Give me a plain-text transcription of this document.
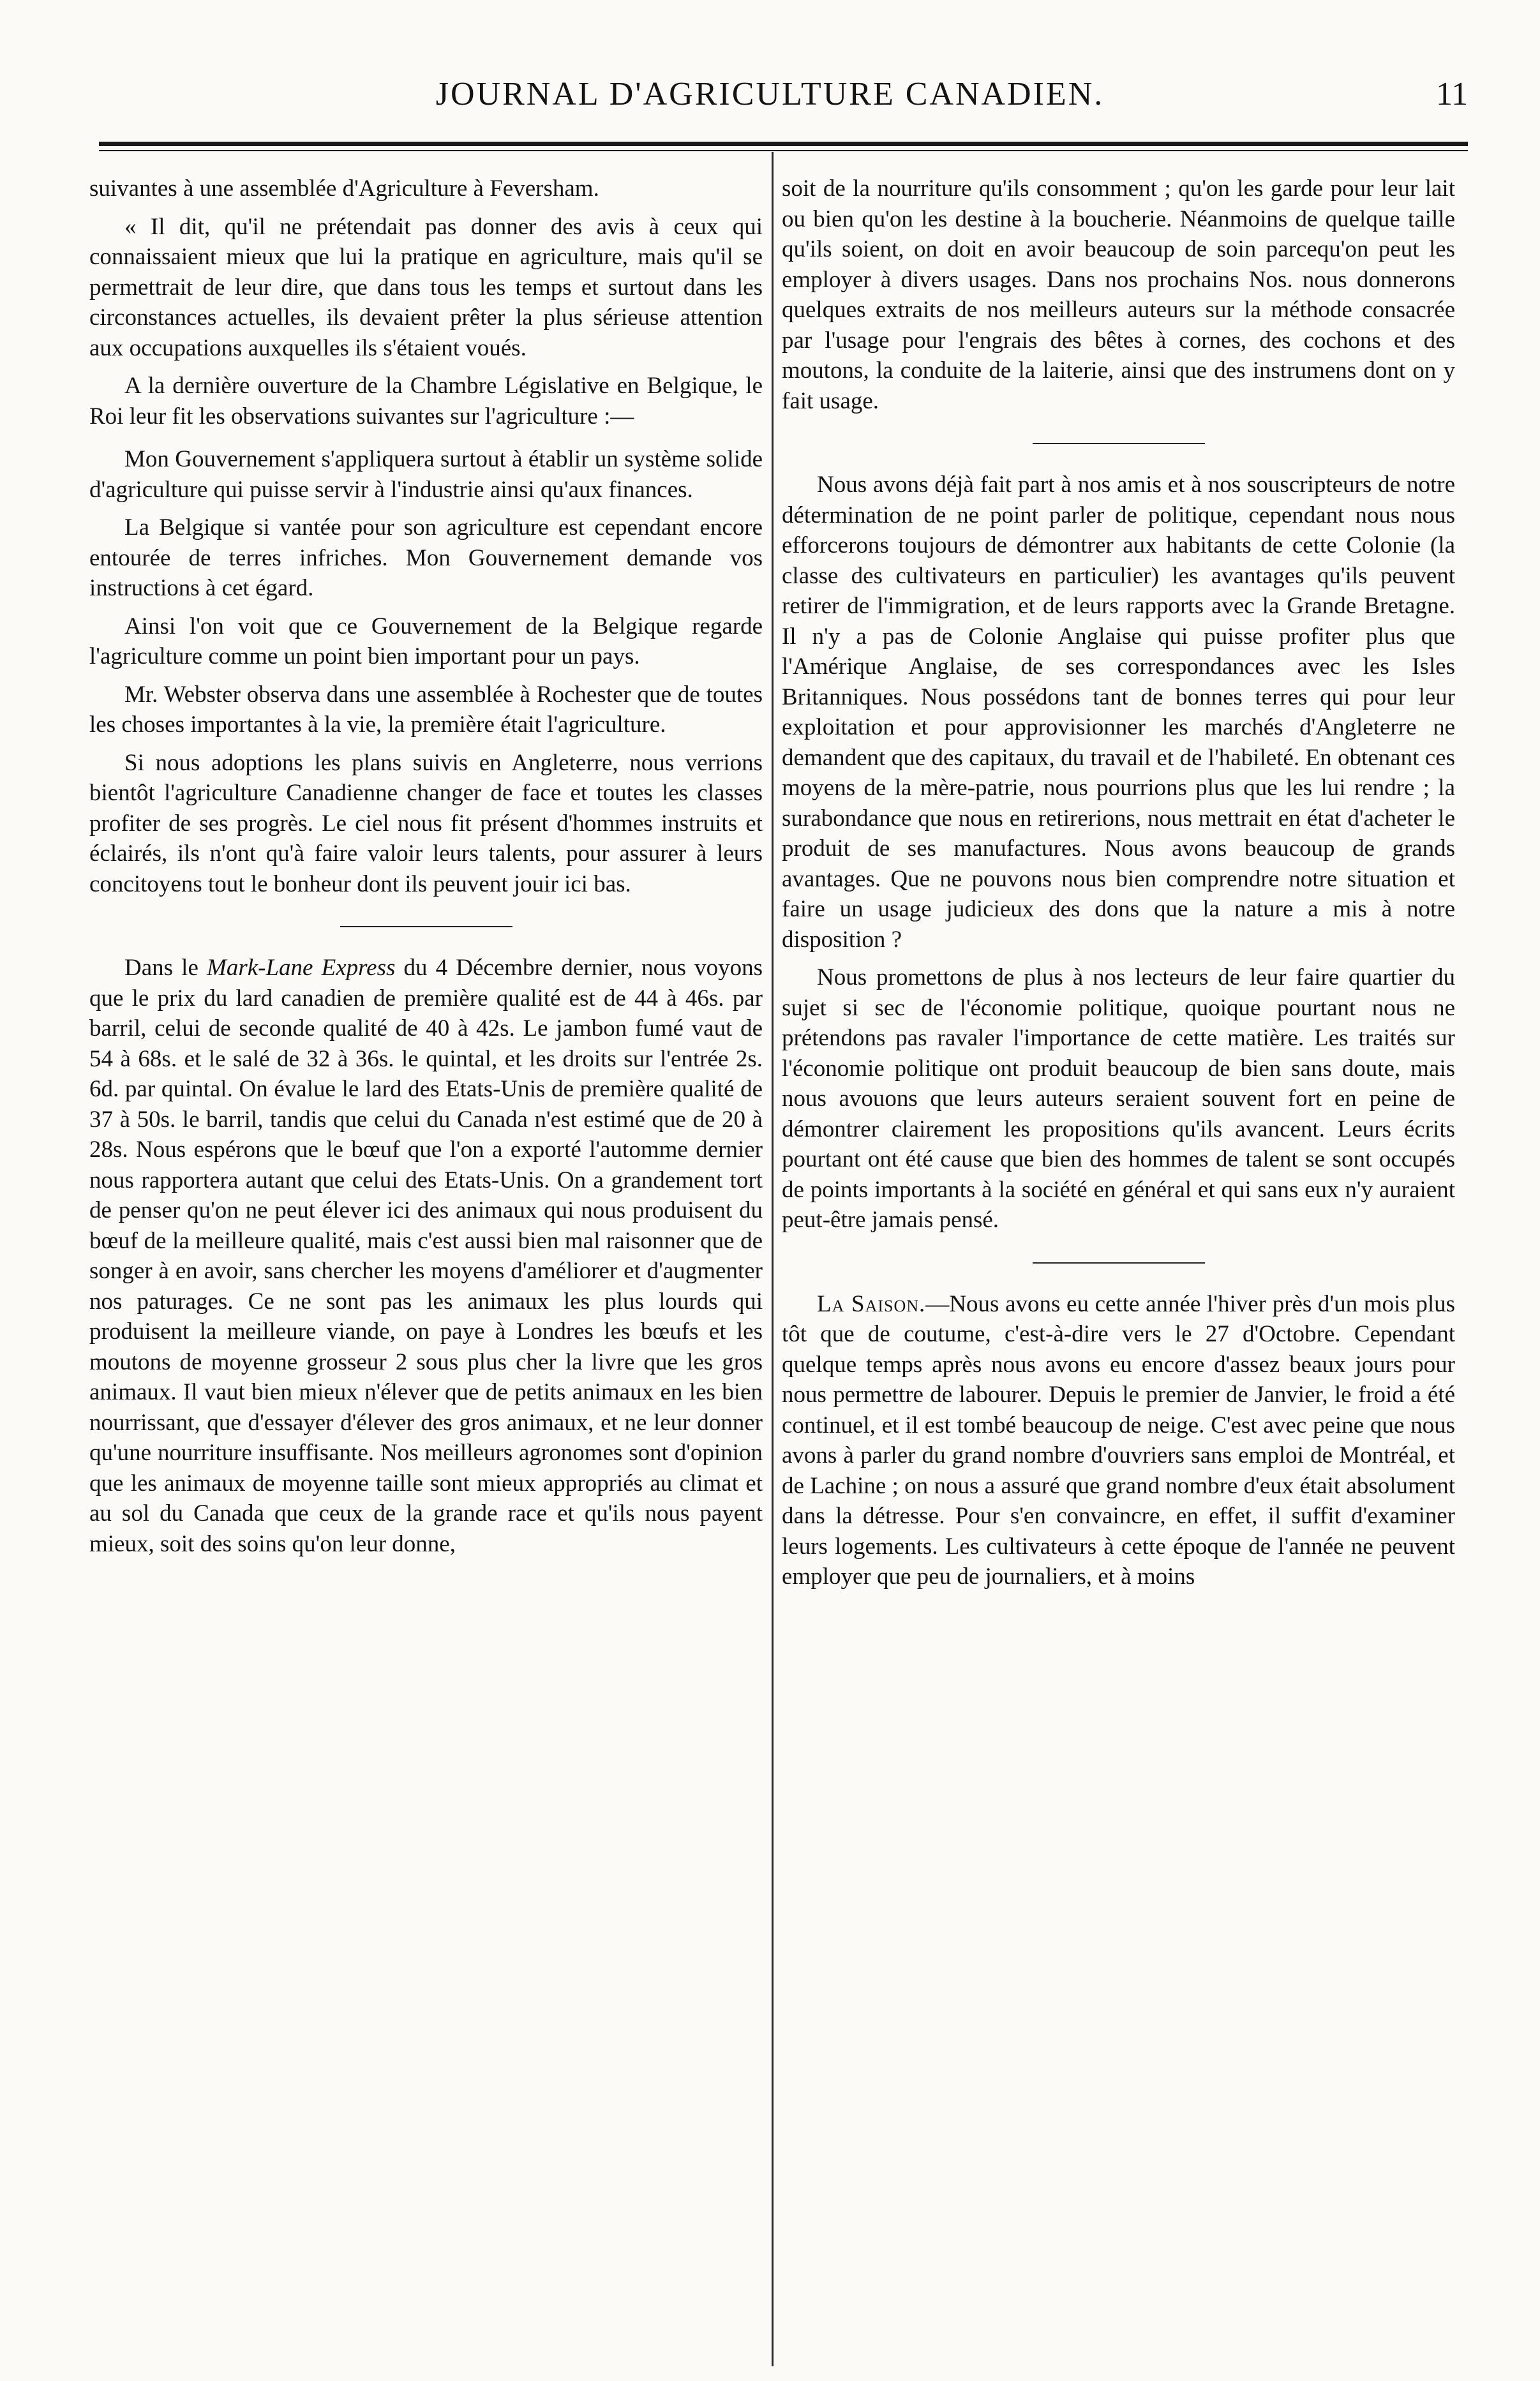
JOURNAL D'AGRICULTURE CANADIEN.	11

suivantes à une assemblée d'Agriculture à Feversham.

« Il dit, qu'il ne prétendait pas donner des avis à ceux qui connaissaient mieux que lui la pratique en agriculture, mais qu'il se permettrait de leur dire, que dans tous les temps et surtout dans les circonstances actuelles, ils devaient prêter la plus sérieuse attention aux occupations auxquelles ils s'étaient voués.

A la dernière ouverture de la Chambre Législative en Belgique, le Roi leur fit les observations suivantes sur l'agriculture :—

Mon Gouvernement s'appliquera surtout à établir un système solide d'agriculture qui puisse servir à l'industrie ainsi qu'aux finances.

La Belgique si vantée pour son agriculture est cependant encore entourée de terres infriches. Mon Gouvernement demande vos instructions à cet égard.

Ainsi l'on voit que ce Gouvernement de la Belgique regarde l'agriculture comme un point bien important pour un pays.

Mr. Webster observa dans une assemblée à Rochester que de toutes les choses importantes à la vie, la première était l'agriculture.

Si nous adoptions les plans suivis en Angleterre, nous verrions bientôt l'agriculture Canadienne changer de face et toutes les classes profiter de ses progrès. Le ciel nous fit présent d'hommes instruits et éclairés, ils n'ont qu'à faire valoir leurs talents, pour assurer à leurs concitoyens tout le bonheur dont ils peuvent jouir ici bas.

Dans le Mark-Lane Express du 4 Décembre dernier, nous voyons que le prix du lard canadien de première qualité est de 44 à 46s. par barril, celui de seconde qualité de 40 à 42s. Le jambon fumé vaut de 54 à 68s. et le salé de 32 à 36s. le quintal, et les droits sur l'entrée 2s. 6d. par quintal. On évalue le lard des Etats-Unis de première qualité de 37 à 50s. le barril, tandis que celui du Canada n'est estimé que de 20 à 28s. Nous espérons que le bœuf que l'on a exporté l'automme dernier nous rapportera autant que celui des Etats-Unis. On a grandement tort de penser qu'on ne peut élever ici des animaux qui nous produisent du bœuf de la meilleure qualité, mais c'est aussi bien mal raisonner que de songer à en avoir, sans chercher les moyens d'améliorer et d'augmenter nos paturages. Ce ne sont pas les animaux les plus lourds qui produisent la meilleure viande, on paye à Londres les bœufs et les moutons de moyenne grosseur 2 sous plus cher la livre que les gros animaux. Il vaut bien mieux n'élever que de petits animaux en les bien nourrissant, que d'essayer d'élever des gros animaux, et ne leur donner qu'une nourriture insuffisante. Nos meilleurs agronomes sont d'opinion que les animaux de moyenne taille sont mieux appropriés au climat et au sol du Canada que ceux de la grande race et qu'ils nous payent mieux, soit des soins qu'on leur donne,

soit de la nourriture qu'ils consomment ; qu'on les garde pour leur lait ou bien qu'on les destine à la boucherie. Néanmoins de quelque taille qu'ils soient, on doit en avoir beaucoup de soin parcequ'on peut les employer à divers usages. Dans nos prochains Nos. nous donnerons quelques extraits de nos meilleurs auteurs sur la méthode consacrée par l'usage pour l'engrais des bêtes à cornes, des cochons et des moutons, la conduite de la laiterie, ainsi que des instrumens dont on y fait usage.

Nous avons déjà fait part à nos amis et à nos souscripteurs de notre détermination de ne point parler de politique, cependant nous nous efforcerons toujours de démontrer aux habitants de cette Colonie (la classe des cultivateurs en particulier) les avantages qu'ils peuvent retirer de l'immigration, et de leurs rapports avec la Grande Bretagne. Il n'y a pas de Colonie Anglaise qui puisse profiter plus que l'Amérique Anglaise, de ses correspondances avec les Isles Britanniques. Nous possédons tant de bonnes terres qui pour leur exploitation et pour approvisionner les marchés d'Angleterre ne demandent que des capitaux, du travail et de l'habileté. En obtenant ces moyens de la mère-patrie, nous pourrions plus que les lui rendre ; la surabondance que nous en retirerions, nous mettrait en état d'acheter le produit de ses manufactures. Nous avons beaucoup de grands avantages. Que ne pouvons nous bien comprendre notre situation et faire un usage judicieux des dons que la nature a mis à notre disposition ?

Nous promettons de plus à nos lecteurs de leur faire quartier du sujet si sec de l'économie politique, quoique pourtant nous ne prétendons pas ravaler l'importance de cette matière. Les traités sur l'économie politique ont produit beaucoup de bien sans doute, mais nous avouons que leurs auteurs seraient souvent fort en peine de démontrer clairement les propositions qu'ils avancent. Leurs écrits pourtant ont été cause que bien des hommes de talent se sont occupés de points importants à la société en général et qui sans eux n'y auraient peut-être jamais pensé.

La Saison.—Nous avons eu cette année l'hiver près d'un mois plus tôt que de coutume, c'est-à-dire vers le 27 d'Octobre. Cependant quelque temps après nous avons eu encore d'assez beaux jours pour nous permettre de labourer. Depuis le premier de Janvier, le froid a été continuel, et il est tombé beaucoup de neige. C'est avec peine que nous avons à parler du grand nombre d'ouvriers sans emploi de Montréal, et de Lachine ; on nous a assuré que grand nombre d'eux était absolument dans la détresse. Pour s'en convaincre, en effet, il suffit d'examiner leurs logements. Les cultivateurs à cette époque de l'année ne peuvent employer que peu de journaliers, et à moins
